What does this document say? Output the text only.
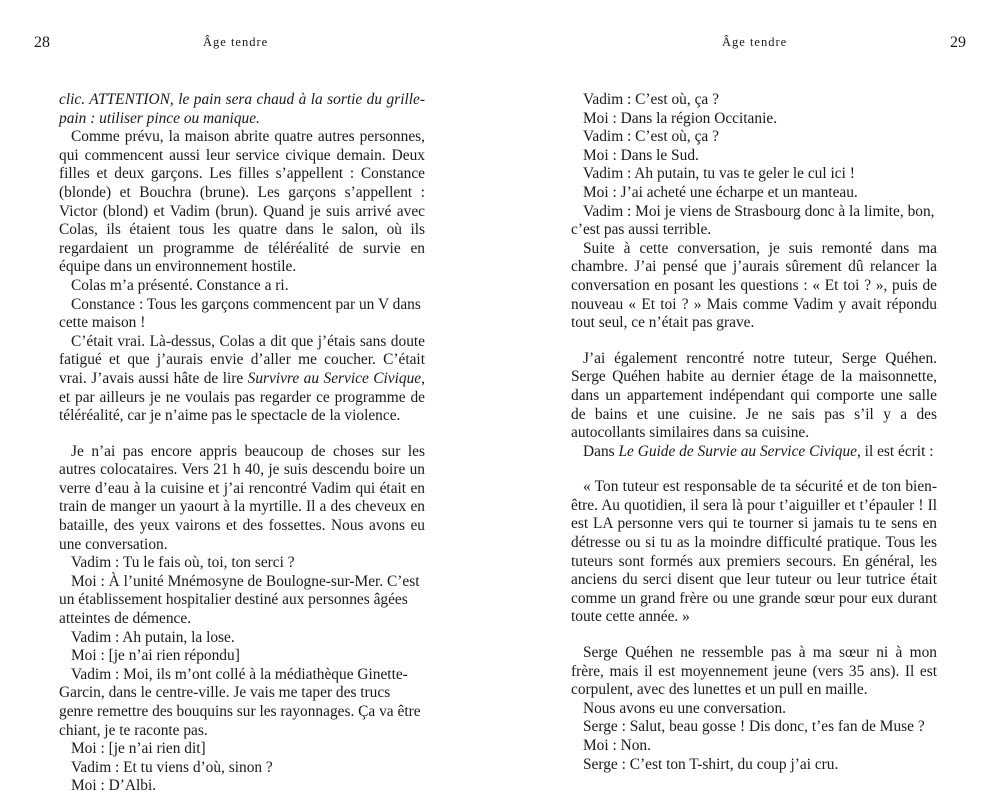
28	Âge tendre

clic. ATTENTION, le pain sera chaud à la sortie du grille-pain : utiliser pince ou manique.

Comme prévu, la maison abrite quatre autres personnes, qui commencent aussi leur service civique demain. Deux filles et deux garçons. Les filles s’appellent : Constance (blonde) et Bouchra (brune). Les garçons s’appellent : Victor (blond) et Vadim (brun). Quand je suis arrivé avec Colas, ils étaient tous les quatre dans le salon, où ils regardaient un programme de téléréalité de survie en équipe dans un environnement hostile.

Colas m’a présenté. Constance a ri.

Constance : Tous les garçons commencent par un V dans cette maison !

C’était vrai. Là-dessus, Colas a dit que j’étais sans doute fatigué et que j’aurais envie d’aller me coucher. C’était vrai. J’avais aussi hâte de lire Survivre au Service Civique, et par ailleurs je ne voulais pas regarder ce programme de téléréalité, car je n’aime pas le spectacle de la violence.

Je n’ai pas encore appris beaucoup de choses sur les autres colocataires. Vers 21 h 40, je suis descendu boire un verre d’eau à la cuisine et j’ai rencontré Vadim qui était en train de manger un yaourt à la myrtille. Il a des cheveux en bataille, des yeux vairons et des fossettes. Nous avons eu une conversation.

Vadim : Tu le fais où, toi, ton serci ?

Moi : À l’unité Mnémosyne de Boulogne-sur-Mer. C’est un établissement hospitalier destiné aux personnes âgées atteintes de démence.

Vadim : Ah putain, la lose.

Moi : [je n’ai rien répondu]

Vadim : Moi, ils m’ont collé à la médiathèque Ginette-Garcin, dans le centre-ville. Je vais me taper des trucs genre remettre des bouquins sur les rayonnages. Ça va être chiant, je te raconte pas.

Moi : [je n’ai rien dit]

Vadim : Et tu viens d’où, sinon ?

Moi : D’Albi.

Âge tendre	29

Vadim : C’est où, ça ?

Moi : Dans la région Occitanie.

Vadim : C’est où, ça ?

Moi : Dans le Sud.

Vadim : Ah putain, tu vas te geler le cul ici !

Moi : J’ai acheté une écharpe et un manteau.

Vadim : Moi je viens de Strasbourg donc à la limite, bon, c’est pas aussi terrible.

Suite à cette conversation, je suis remonté dans ma chambre. J’ai pensé que j’aurais sûrement dû relancer la conversation en posant les questions : « Et toi ? », puis de nouveau « Et toi ? » Mais comme Vadim y avait répondu tout seul, ce n’était pas grave.

J’ai également rencontré notre tuteur, Serge Quéhen. Serge Quéhen habite au dernier étage de la maisonnette, dans un appartement indépendant qui comporte une salle de bains et une cuisine. Je ne sais pas s’il y a des autocollants similaires dans sa cuisine.

Dans Le Guide de Survie au Service Civique, il est écrit :

« Ton tuteur est responsable de ta sécurité et de ton bien-être. Au quotidien, il sera là pour t’aiguiller et t’épauler ! Il est LA personne vers qui te tourner si jamais tu te sens en détresse ou si tu as la moindre difficulté pratique. Tous les tuteurs sont formés aux premiers secours. En général, les anciens du serci disent que leur tuteur ou leur tutrice était comme un grand frère ou une grande sœur pour eux durant toute cette année. »

Serge Quéhen ne ressemble pas à ma sœur ni à mon frère, mais il est moyennement jeune (vers 35 ans). Il est corpulent, avec des lunettes et un pull en maille.

Nous avons eu une conversation.

Serge : Salut, beau gosse ! Dis donc, t’es fan de Muse ?

Moi : Non.

Serge : C’est ton T-shirt, du coup j’ai cru.
